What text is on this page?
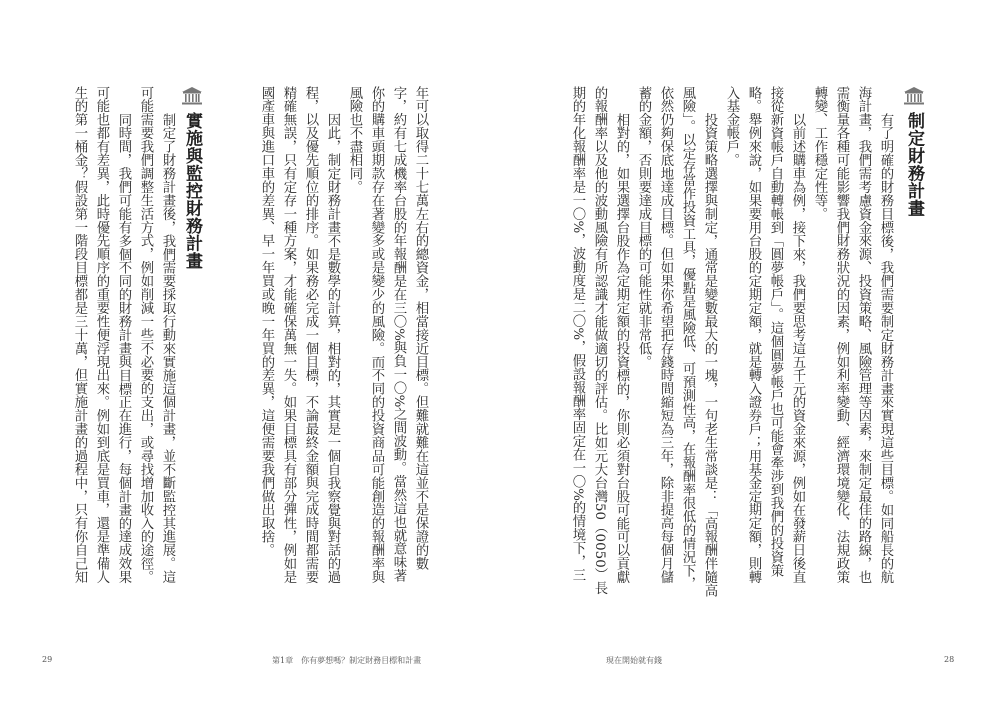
制定財務計畫
有了明確的財務目標後，我們需要制定財務計畫來實現這些目標。如同船長的航
海計畫，我們需考慮資金來源、投資策略、風險管理等因素，來制定最佳的路線，也
需衡量各種可能影響我們財務狀況的因素，例如利率變動、經濟環境變化、法規政策
轉變、工作穩定性等。
以前述購車為例，接下來，我們要思考這五千元的資金來源，例如在發薪日後直
接從新資帳戶自動轉帳到「圓夢帳戶」。這個圓夢帳戶也可能會牽涉到我們的投資策
略。舉例來說，如果要用台股的定期定額，就是轉入證券戶；用基金定期定額，則轉
入基金帳戶。
投資策略選擇與制定，通常是變數最大的一塊，一句老生常談是：「高報酬伴隨高
風險」。以定存當作投資工具，優點是風險低、可預測性高，在報酬率很低的情況下，
依然仍夠保底地達成目標。但如果你希望把存錢時間縮短為三年，除非提高每個月儲
蓄的金額，否則要達成目標的可能性就非常低。
相對的，如果選擇台股作為定期定額的投資標的，你則必須對台股可能可以貢獻
的報酬率以及他的波動風險有所認識才能做適切的評估。比如元大台灣50（0050）長
期的年化報酬率是一〇%，波動度是二〇%，假設報酬率固定在一〇%的情境下，三
年可以取得二十七萬左右的總資金，相當接近目標。但難就難在這並不是保證的數
字，約有七成機率台股的年報酬是在三〇%與負一〇%之間波動。當然這也就意味著
你的購車頭期款存在著變多或是變少的風險。而不同的投資商品可能創造的報酬率與
風險也不盡相同。
因此，制定財務計畫不是數學的計算，相對的，其實是一個自我察覺與對話的過
程，以及優先順位的排序。如果務必完成一個目標，不論最終金額與完成時間都需要
精確無誤，只有定存一種方案，才能確保萬無一失。如果目標具有部分彈性，例如是
國產車與進口車的差異、早一年買或晚一年買的差異，這便需要我們做出取捨。
實施與監控財務計畫
制定了財務計畫後，我們需要採取行動來實施這個計畫，並不斷監控其進展。這
可能需要我們調整生活方式，例如削減一些不必要的支出，或尋找增加收入的途徑。
同時間，我們可能有多個不同的財務計畫與目標正在進行，每個計畫的達成效果
可能也都有差異，此時優先順序的重要性便浮現出來。例如到底是買車，還是準備人
生的第一桶金？假設第一階段目標都是三十萬，但實施計畫的過程中，只有你自己知
29	第1章　你有夢想嗎？制定財務目標和計畫	現在開始就有錢	28
